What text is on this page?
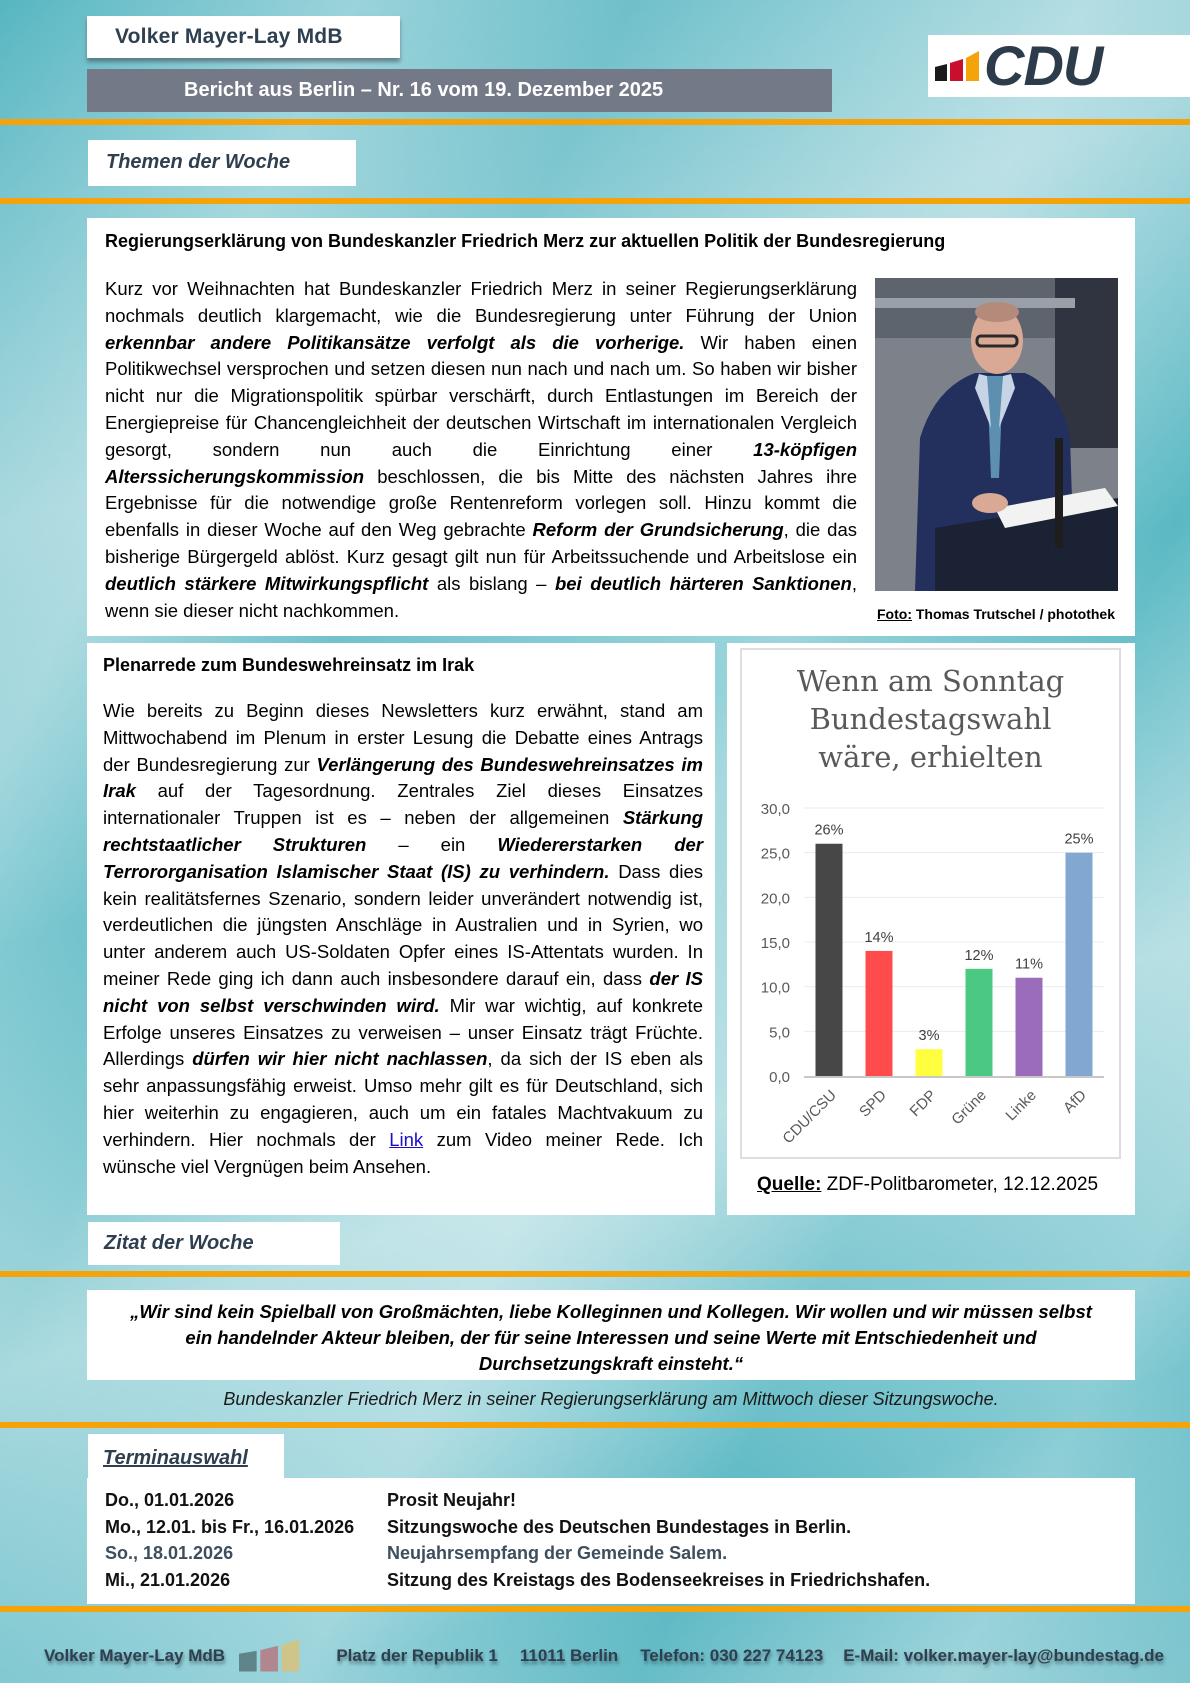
Volker Mayer-Lay MdB
Bericht aus Berlin – Nr. 16 vom 19. Dezember 2025	CDU
Themen der Woche
Regierungserklärung von Bundeskanzler Friedrich Merz zur aktuellen Politik der Bundesregierung

Kurz vor Weihnachten hat Bundeskanzler Friedrich Merz in seiner Regierungserklärung nochmals deutlich klargemacht, wie die Bundesregierung unter Führung der Union erkennbar andere Politikansätze verfolgt als die vorherige. Wir haben einen Politikwechsel versprochen und setzen diesen nun nach und nach um. So haben wir bisher nicht nur die Migrationspolitik spürbar verschärft, durch Entlastungen im Bereich der Energiepreise für Chancengleichheit der deutschen Wirtschaft im internationalen Vergleich gesorgt, sondern nun auch die Einrichtung einer 13-köpfigen Alterssicherungskommission beschlossen, die bis Mitte des nächsten Jahres ihre Ergebnisse für die notwendige große Rentenreform vorlegen soll. Hinzu kommt die ebenfalls in dieser Woche auf den Weg gebrachte Reform der Grundsicherung, die das bisherige Bürgergeld ablöst. Kurz gesagt gilt nun für Arbeitssuchende und Arbeitslose ein deutlich stärkere Mitwirkungspflicht als bislang – bei deutlich härteren Sanktionen, wenn sie dieser nicht nachkommen.	Foto: Thomas Trutschel / photothek
Plenarrede zum Bundeswehreinsatz im Irak

Wie bereits zu Beginn dieses Newsletters kurz erwähnt, stand am Mittwochabend im Plenum in erster Lesung die Debatte eines Antrags der Bundesregierung zur Verlängerung des Bundeswehreinsatzes im Irak auf der Tagesordnung. Zentrales Ziel dieses Einsatzes internationaler Truppen ist es – neben der allgemeinen Stärkung rechtstaatlicher Strukturen – ein Wiedererstarken der Terrororganisation Islamischer Staat (IS) zu verhindern. Dass dies kein realitätsfernes Szenario, sondern leider unverändert notwendig ist, verdeutlichen die jüngsten Anschläge in Australien und in Syrien, wo unter anderem auch US-Soldaten Opfer eines IS-Attentats wurden. In meiner Rede ging ich dann auch insbesondere darauf ein, dass der IS nicht von selbst verschwinden wird. Mir war wichtig, auf konkrete Erfolge unseres Einsatzes zu verweisen – unser Einsatz trägt Früchte. Allerdings dürfen wir hier nicht nachlassen, da sich der IS eben als sehr anpassungsfähig erweist. Umso mehr gilt es für Deutschland, sich hier weiterhin zu engagieren, auch um ein fatales Machtvakuum zu verhindern. Hier nochmals der Link zum Video meiner Rede. Ich wünsche viel Vergnügen beim Ansehen.

Wenn am Sonntag
Bundestagswahl
wäre, erhielten
0,0
5,0
10,0
15,0
20,0
25,0
30,0
26%
CDU/CSU
14%
SPD
3%
FDP
12%
Grüne
11%
Linke
25%
AfD
Quelle: ZDF-Politbarometer, 12.12.2025
Zitat der Woche
„Wir sind kein Spielball von Großmächten, liebe Kolleginnen und Kollegen. Wir wollen und wir müssen selbst ein handelnder Akteur bleiben, der für seine Interessen und seine Werte mit Entschiedenheit und Durchsetzungskraft einsteht.“
Bundeskanzler Friedrich Merz in seiner Regierungserklärung am Mittwoch dieser Sitzungswoche.
Terminauswahl
Do., 01.01.2026	Prosit Neujahr!
Mo., 12.01. bis Fr., 16.01.2026	Sitzungswoche des Deutschen Bundestages in Berlin.
So., 18.01.2026	Neujahrsempfang der Gemeinde Salem.
Mi., 21.01.2026	Sitzung des Kreistags des Bodenseekreises in Friedrichshafen.
Volker Mayer-Lay MdB	Platz der Republik 1 11011 Berlin Telefon: 030 227 74123 E-Mail: volker.mayer-lay@bundestag.de
